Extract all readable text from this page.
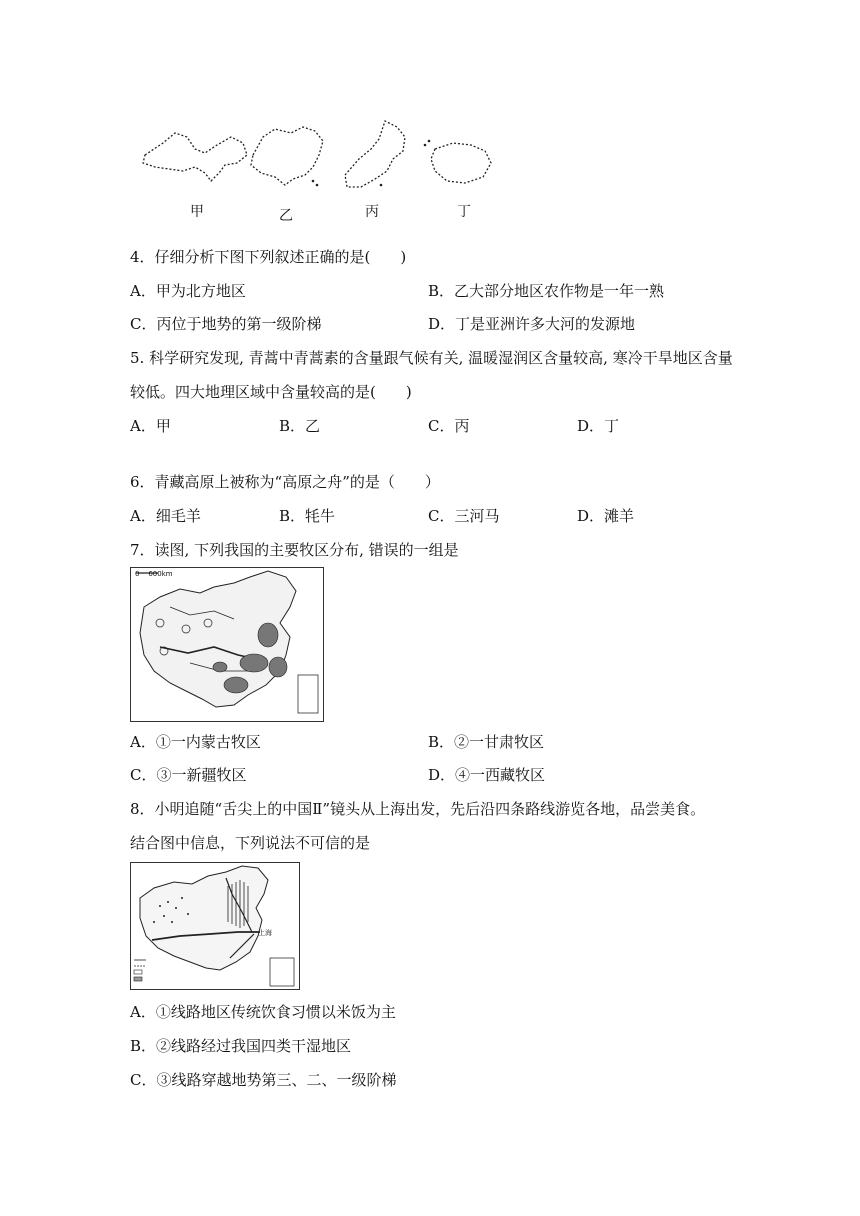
甲	乙	丙	丁
4．仔细分析下图下列叙述正确的是(　　)
A．甲为北方地区	B．乙大部分地区农作物是一年一熟
C．丙位于地势的第一级阶梯	D．丁是亚洲许多大河的发源地
5. 科学研究发现, 青蒿中青蒿素的含量跟气候有关, 温暖湿润区含量较高, 寒冷干旱地区含量
较低。四大地理区域中含量较高的是(　　)
A．甲	B．乙	C．丙	D．丁
6．青藏高原上被称为“高原之舟”的是（　　）
A．细毛羊	B．牦牛	C．三河马	D．滩羊
7．读图, 下列我国的主要牧区分布, 错误的一组是
0    600km
A．①一内蒙古牧区	B．②一甘肃牧区
C．③一新疆牧区	D．④一西藏牧区
8．小明追随“舌尖上的中国Ⅱ”镜头从上海出发，先后沿四条路线游览各地，品尝美食。
结合图中信息，下列说法不可信的是
上海
A．①线路地区传统饮食习惯以米饭为主
B．②线路经过我国四类干湿地区
C．③线路穿越地势第三、二、一级阶梯
